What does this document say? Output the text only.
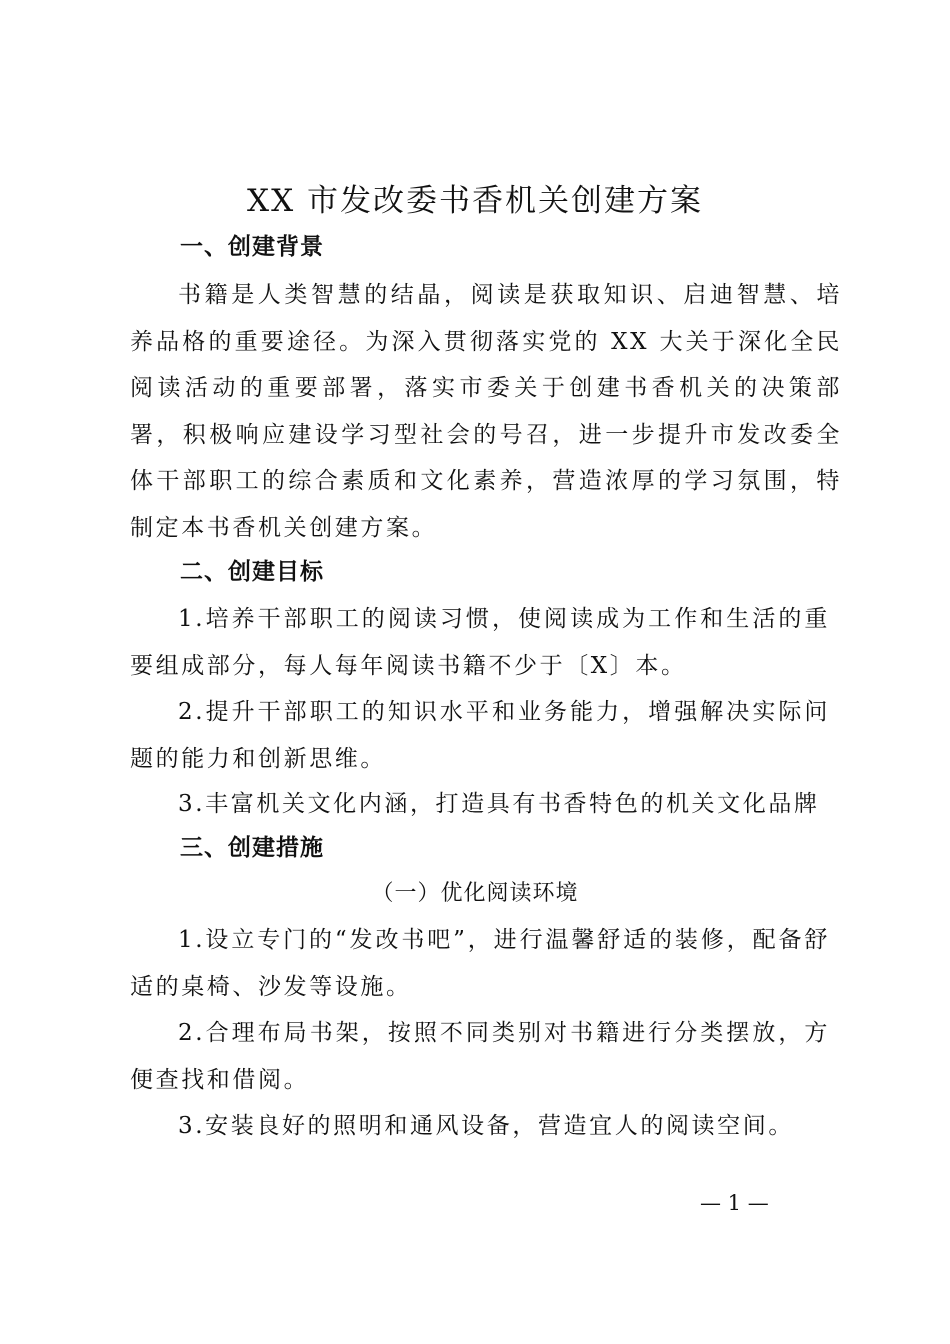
XX 市发改委书香机关创建方案
一、创建背景
书籍是人类智慧的结晶，阅读是获取知识、启迪智慧、培养品格的重要途径。为深入贯彻落实党的 XX 大关于深化全民阅读活动的重要部署，落实市委关于创建书香机关的决策部署，积极响应建设学习型社会的号召，进一步提升市发改委全体干部职工的综合素质和文化素养，营造浓厚的学习氛围，特制定本书香机关创建方案。
二、创建目标
1.培养干部职工的阅读习惯，使阅读成为工作和生活的重要组成部分，每人每年阅读书籍不少于〔X〕本。
2.提升干部职工的知识水平和业务能力，增强解决实际问题的能力和创新思维。
3.丰富机关文化内涵，打造具有书香特色的机关文化品牌
三、创建措施
（一）优化阅读环境
1.设立专门的“发改书吧”，进行温馨舒适的装修，配备舒适的桌椅、沙发等设施。
2.合理布局书架，按照不同类别对书籍进行分类摆放，方便查找和借阅。
3.安装良好的照明和通风设备，营造宜人的阅读空间。
— 1 —
